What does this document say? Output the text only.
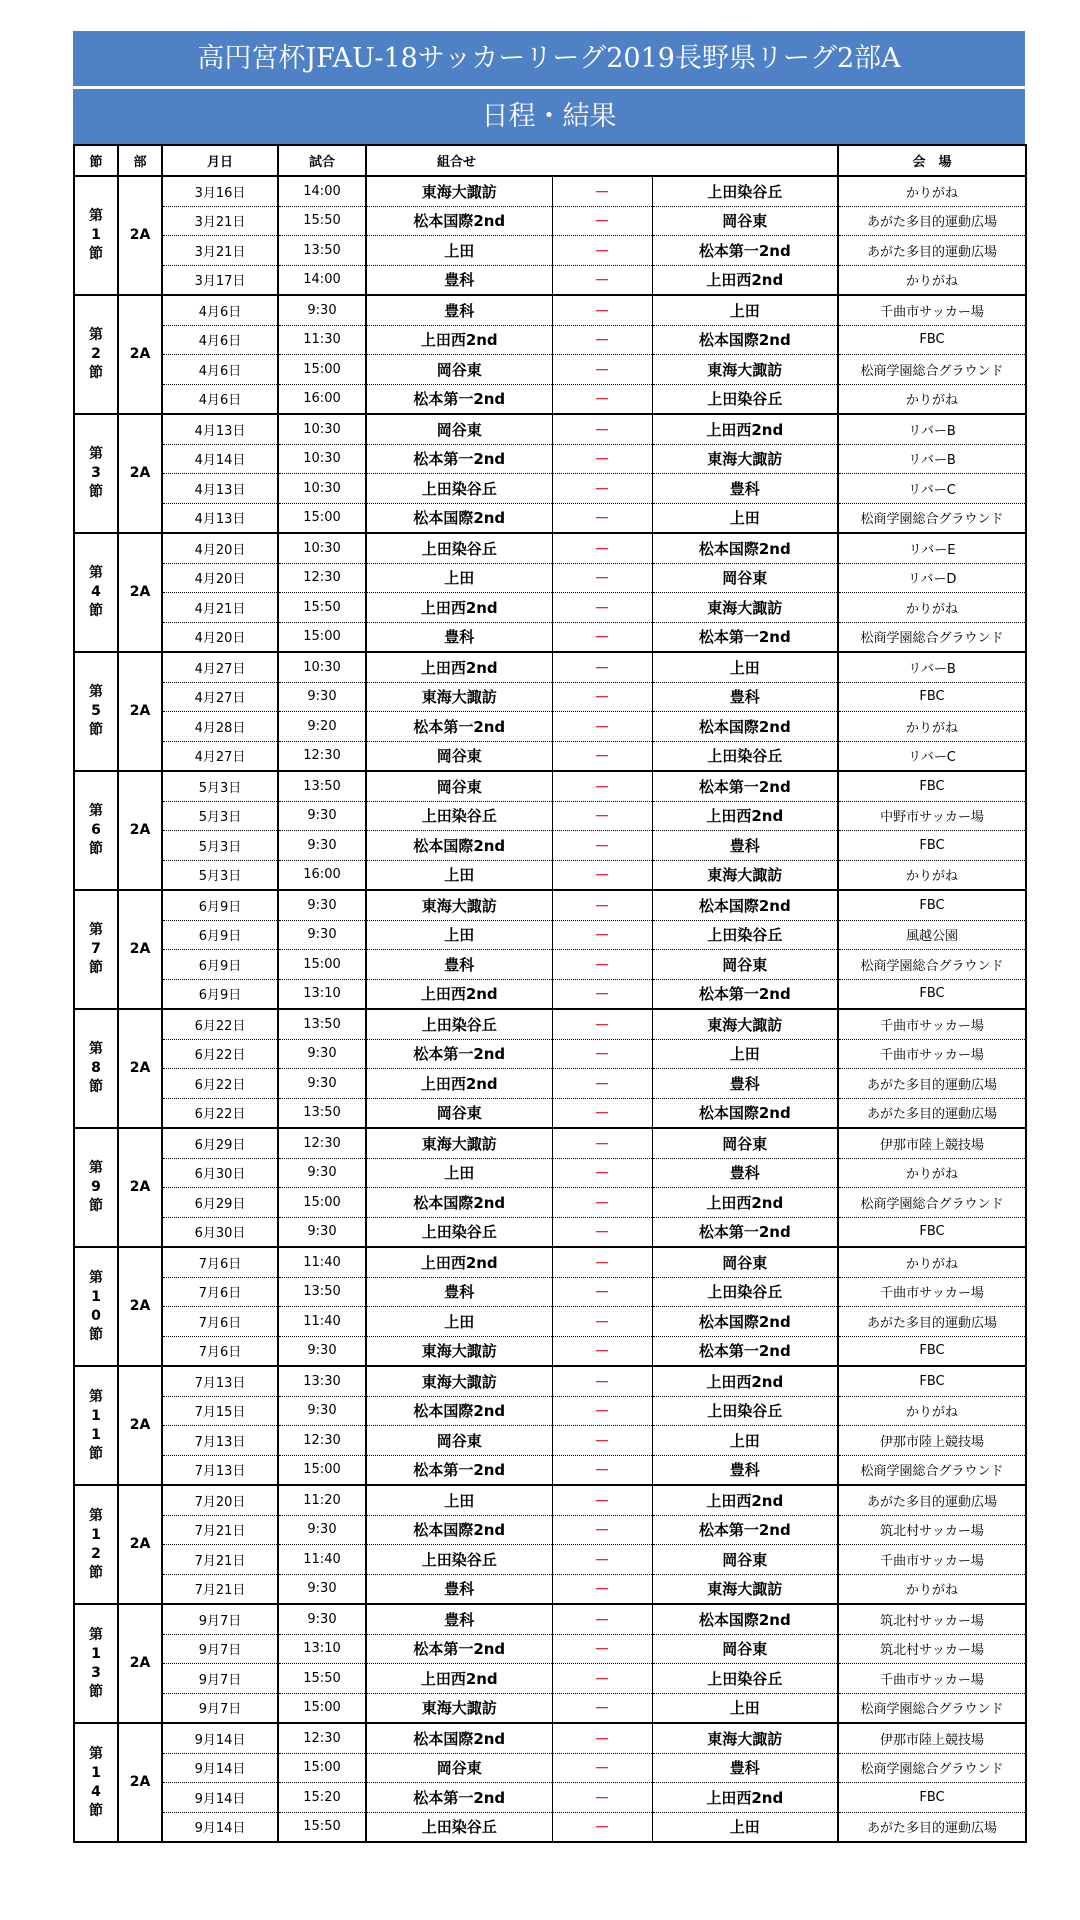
高円宮杯JFAU-18サッカーリーグ2019長野県リーグ2部A
日程・結果
節	部	月日	試合	組合せ			会　場
第
1
節	2A	3月16日	14:00	東海大諏訪	－	上田染谷丘	かりがね
		3月21日	15:50	松本国際2nd	－	岡谷東	あがた多目的運動広場
		3月21日	13:50	上田	－	松本第一2nd	あがた多目的運動広場
		3月17日	14:00	豊科	－	上田西2nd	かりがね
第
2
節	2A	4月6日	9:30	豊科	－	上田	千曲市サッカー場
		4月6日	11:30	上田西2nd	－	松本国際2nd	FBC
		4月6日	15:00	岡谷東	－	東海大諏訪	松商学園総合グラウンド
		4月6日	16:00	松本第一2nd	－	上田染谷丘	かりがね
第
3
節	2A	4月13日	10:30	岡谷東	－	上田西2nd	リバーB
		4月14日	10:30	松本第一2nd	－	東海大諏訪	リバーB
		4月13日	10:30	上田染谷丘	－	豊科	リバーC
		4月13日	15:00	松本国際2nd	－	上田	松商学園総合グラウンド
第
4
節	2A	4月20日	10:30	上田染谷丘	－	松本国際2nd	リバーE
		4月20日	12:30	上田	－	岡谷東	リバーD
		4月21日	15:50	上田西2nd	－	東海大諏訪	かりがね
		4月20日	15:00	豊科	－	松本第一2nd	松商学園総合グラウンド
第
5
節	2A	4月27日	10:30	上田西2nd	－	上田	リバーB
		4月27日	9:30	東海大諏訪	－	豊科	FBC
		4月28日	9:20	松本第一2nd	－	松本国際2nd	かりがね
		4月27日	12:30	岡谷東	－	上田染谷丘	リバーC
第
6
節	2A	5月3日	13:50	岡谷東	－	松本第一2nd	FBC
		5月3日	9:30	上田染谷丘	－	上田西2nd	中野市サッカー場
		5月3日	9:30	松本国際2nd	－	豊科	FBC
		5月3日	16:00	上田	－	東海大諏訪	かりがね
第
7
節	2A	6月9日	9:30	東海大諏訪	－	松本国際2nd	FBC
		6月9日	9:30	上田	－	上田染谷丘	風越公園
		6月9日	15:00	豊科	－	岡谷東	松商学園総合グラウンド
		6月9日	13:10	上田西2nd	－	松本第一2nd	FBC
第
8
節	2A	6月22日	13:50	上田染谷丘	－	東海大諏訪	千曲市サッカー場
		6月22日	9:30	松本第一2nd	－	上田	千曲市サッカー場
		6月22日	9:30	上田西2nd	－	豊科	あがた多目的運動広場
		6月22日	13:50	岡谷東	－	松本国際2nd	あがた多目的運動広場
第
9
節	2A	6月29日	12:30	東海大諏訪	－	岡谷東	伊那市陸上競技場
		6月30日	9:30	上田	－	豊科	かりがね
		6月29日	15:00	松本国際2nd	－	上田西2nd	松商学園総合グラウンド
		6月30日	9:30	上田染谷丘	－	松本第一2nd	FBC
第
1
0
節	2A	7月6日	11:40	上田西2nd	－	岡谷東	かりがね
		7月6日	13:50	豊科	－	上田染谷丘	千曲市サッカー場
		7月6日	11:40	上田	－	松本国際2nd	あがた多目的運動広場
		7月6日	9:30	東海大諏訪	－	松本第一2nd	FBC
第
1
1
節	2A	7月13日	13:30	東海大諏訪	－	上田西2nd	FBC
		7月15日	9:30	松本国際2nd	－	上田染谷丘	かりがね
		7月13日	12:30	岡谷東	－	上田	伊那市陸上競技場
		7月13日	15:00	松本第一2nd	－	豊科	松商学園総合グラウンド
第
1
2
節	2A	7月20日	11:20	上田	－	上田西2nd	あがた多目的運動広場
		7月21日	9:30	松本国際2nd	－	松本第一2nd	筑北村サッカー場
		7月21日	11:40	上田染谷丘	－	岡谷東	千曲市サッカー場
		7月21日	9:30	豊科	－	東海大諏訪	かりがね
第
1
3
節	2A	9月7日	9:30	豊科	－	松本国際2nd	筑北村サッカー場
		9月7日	13:10	松本第一2nd	－	岡谷東	筑北村サッカー場
		9月7日	15:50	上田西2nd	－	上田染谷丘	千曲市サッカー場
		9月7日	15:00	東海大諏訪	－	上田	松商学園総合グラウンド
第
1
4
節	2A	9月14日	12:30	松本国際2nd	－	東海大諏訪	伊那市陸上競技場
		9月14日	15:00	岡谷東	－	豊科	松商学園総合グラウンド
		9月14日	15:20	松本第一2nd	－	上田西2nd	FBC
		9月14日	15:50	上田染谷丘	－	上田	あがた多目的運動広場
